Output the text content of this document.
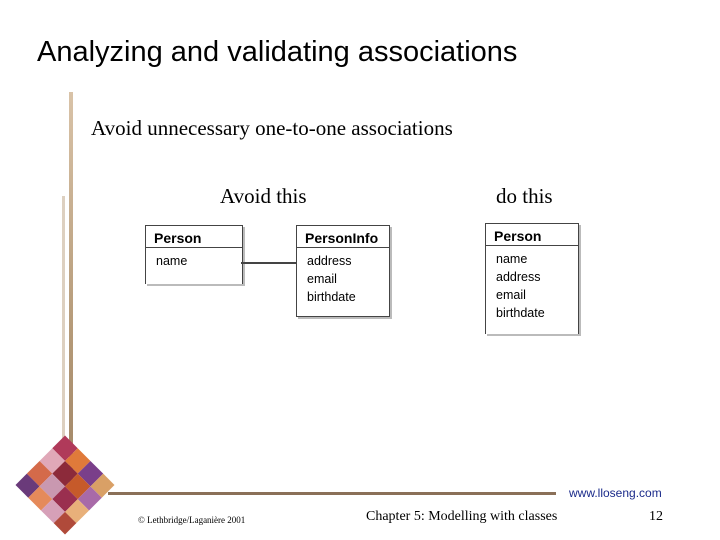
Analyzing and validating associations
Avoid unnecessary one-to-one associations
Avoid this	do this
Person
name
PersonInfo
address
email
birthdate
Person
name
address
email
birthdate
www.lloseng.com
© Lethbridge/Laganière 2001	Chapter 5: Modelling with classes	12
